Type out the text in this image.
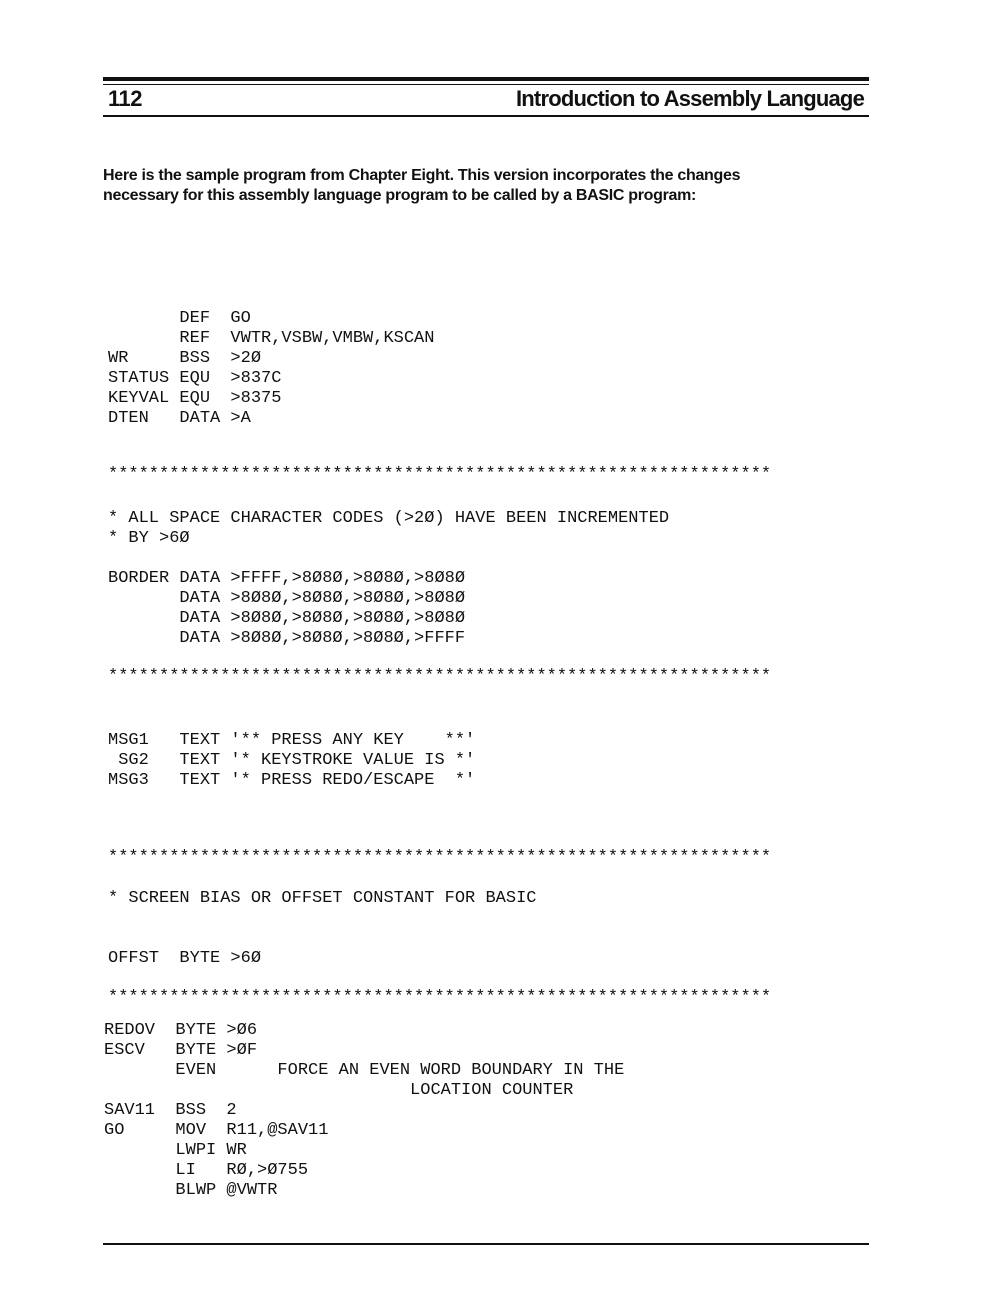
112	Introduction to Assembly Language

Here is the sample program from Chapter Eight. This version incorporates the changes

necessary for this assembly language program to be called by a BASIC program:

DEF  GO
REF  VWTR,VSBW,VMBW,KSCAN
WR     BSS  >2Ø
STATUS EQU  >837C
KEYVAL EQU  >8375
DTEN   DATA >A
*****************************************************************
* ALL SPACE CHARACTER CODES (>2Ø) HAVE BEEN INCREMENTED
* BY >6Ø
BORDER DATA >FFFF,>8Ø8Ø,>8Ø8Ø,>8Ø8Ø
DATA >8Ø8Ø,>8Ø8Ø,>8Ø8Ø,>8Ø8Ø
DATA >8Ø8Ø,>8Ø8Ø,>8Ø8Ø,>8Ø8Ø
DATA >8Ø8Ø,>8Ø8Ø,>8Ø8Ø,>FFFF
*****************************************************************
MSG1   TEXT '** PRESS ANY KEY    **'
SG2   TEXT '* KEYSTROKE VALUE IS *'
MSG3   TEXT '* PRESS REDO/ESCAPE  *'
*****************************************************************
* SCREEN BIAS OR OFFSET CONSTANT FOR BASIC
OFFST  BYTE >6Ø
*****************************************************************
REDOV  BYTE >Ø6
ESCV   BYTE >ØF
EVEN      FORCE AN EVEN WORD BOUNDARY IN THE
LOCATION COUNTER
SAV11  BSS  2
GO     MOV  R11,@SAV11
LWPI WR
LI   RØ,>Ø755
BLWP @VWTR
